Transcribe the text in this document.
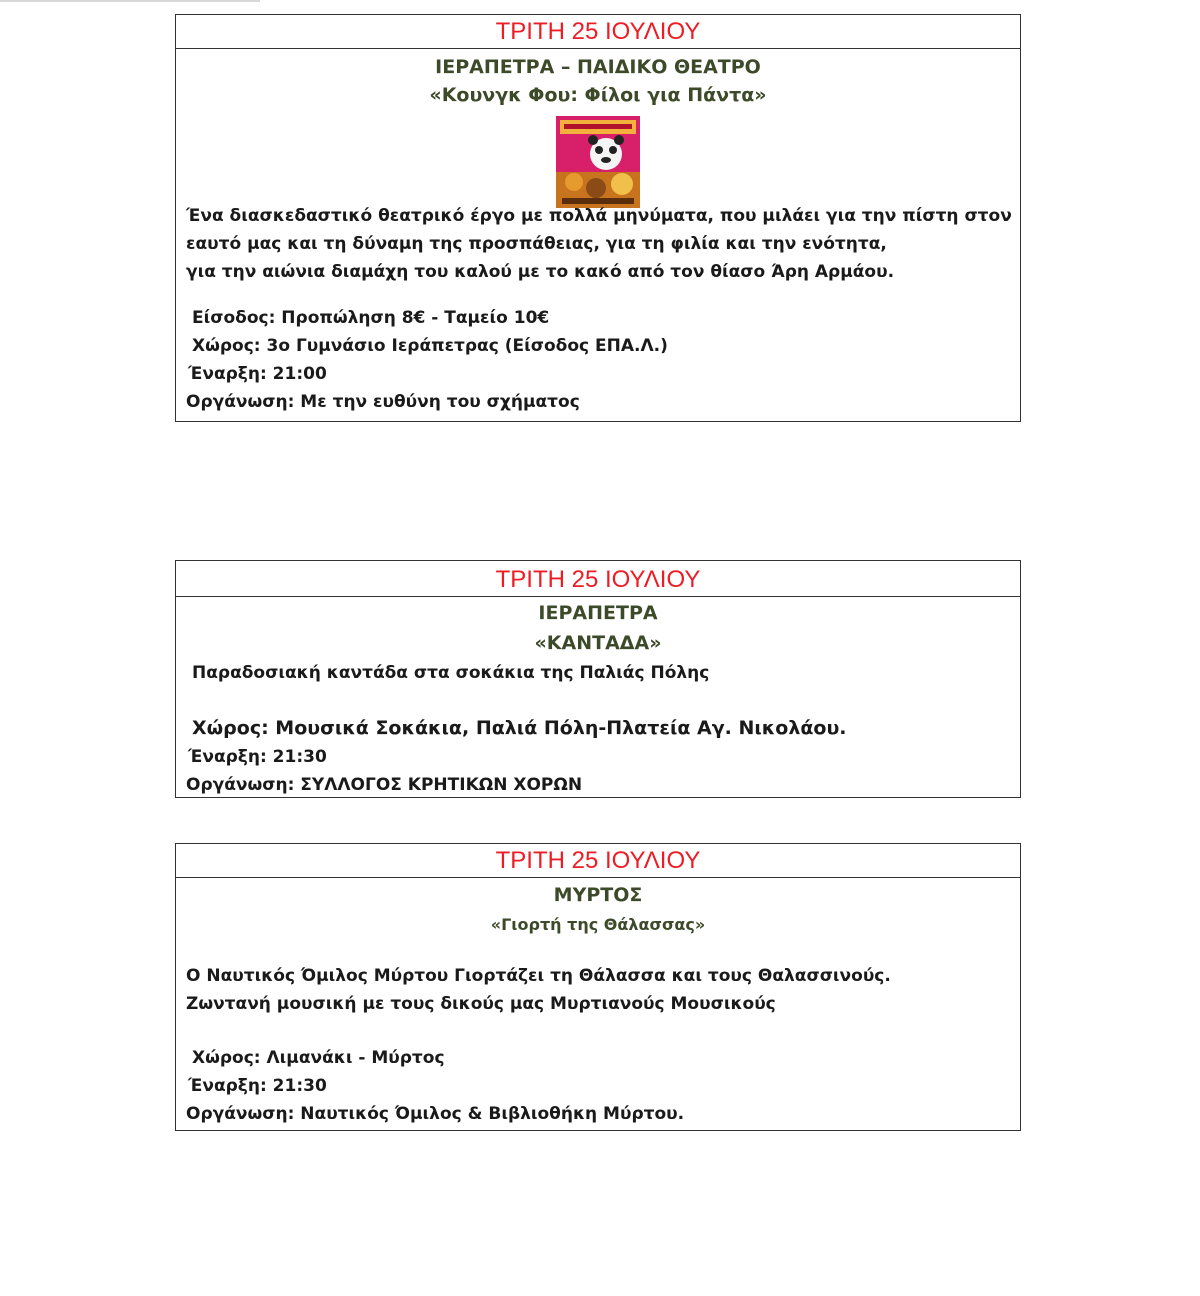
ΤΡΙΤΗ 25 ΙΟΥΛΙΟΥ
ΙΕΡΑΠΕΤΡΑ – ΠΑΙΔΙΚΟ ΘΕΑΤΡΟ
«Κουνγκ Φου: Φίλοι για Πάντα»
Ένα διασκεδαστικό θεατρικό έργο με πολλά μηνύματα, που μιλάει για την πίστη στον
εαυτό μας και τη δύναμη της προσπάθειας, για τη φιλία και την ενότητα,
για την αιώνια διαμάχη του καλού με το κακό από τον θίασο Άρη Αρμάου.
Είσοδος: Προπώληση 8€ - Ταμείο 10€
Χώρος: 3ο Γυμνάσιο Ιεράπετρας (Είσοδος ΕΠΑ.Λ.)
Έναρξη: 21:00
Οργάνωση: Με την ευθύνη του σχήματος
ΤΡΙΤΗ 25 ΙΟΥΛΙΟΥ
ΙΕΡΑΠΕΤΡΑ
«ΚΑΝΤΑΔΑ»
Παραδοσιακή καντάδα στα σοκάκια της Παλιάς Πόλης
Χώρος: Μουσικά Σοκάκια, Παλιά Πόλη-Πλατεία Αγ. Νικολάου.
Έναρξη: 21:30
Οργάνωση: ΣΥΛΛΟΓΟΣ ΚΡΗΤΙΚΩΝ ΧΟΡΩΝ
ΤΡΙΤΗ 25 ΙΟΥΛΙΟΥ
ΜΥΡΤΟΣ
«Γιορτή της Θάλασσας»
Ο Ναυτικός Όμιλος Μύρτου Γιορτάζει τη Θάλασσα και τους Θαλασσινούς.
Ζωντανή μουσική με τους δικούς μας Μυρτιανούς Μουσικούς
Χώρος: Λιμανάκι - Μύρτος
Έναρξη: 21:30
Οργάνωση: Ναυτικός Όμιλος & Βιβλιοθήκη Μύρτου.
